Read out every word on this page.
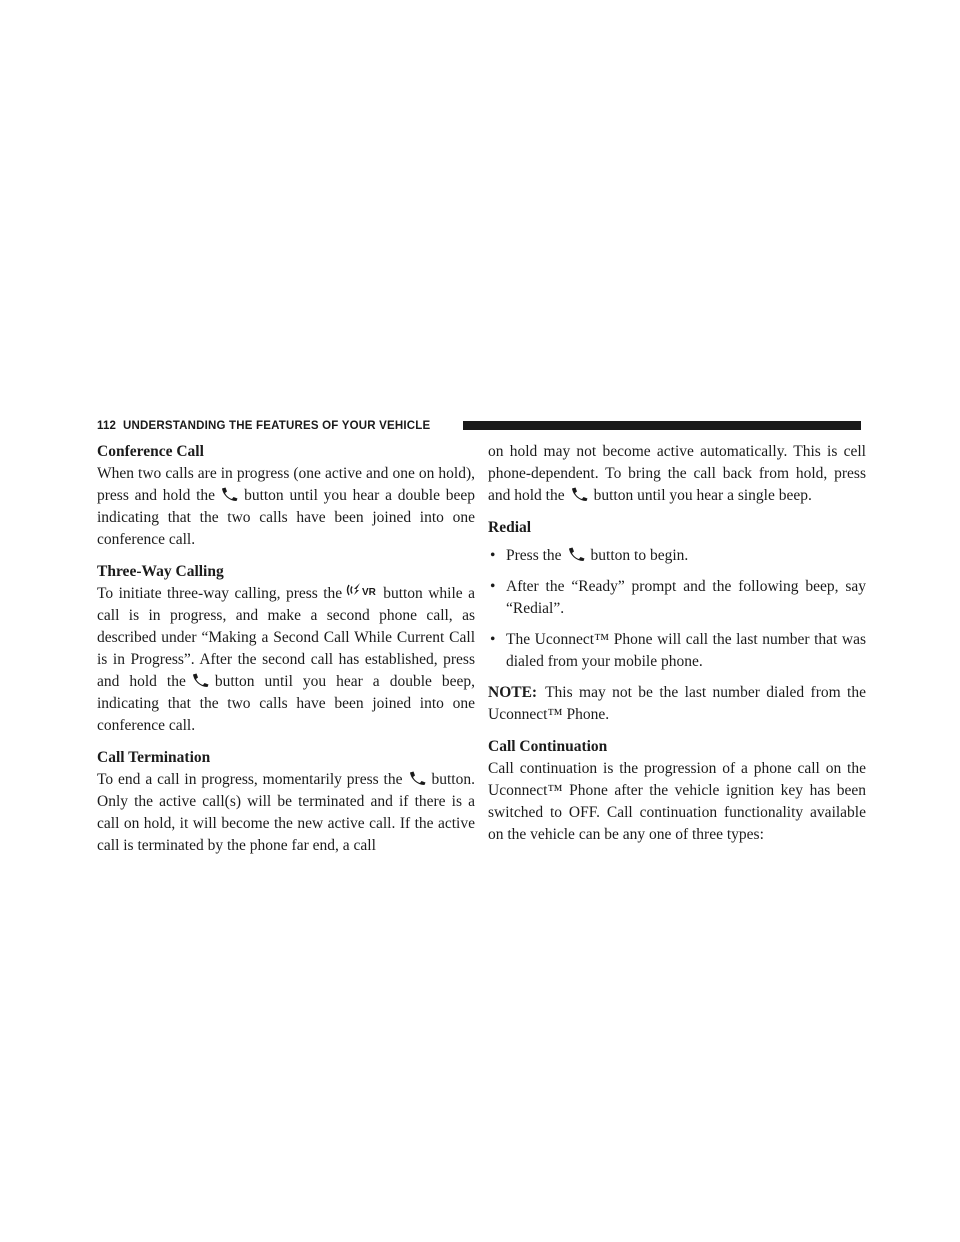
112 UNDERSTANDING THE FEATURES OF YOUR VEHICLE
Conference Call

When two calls are in progress (one active and one on hold), press and hold the button until you hear a double beep indicating that the two calls have been joined into one conference call.

Three-Way Calling

To initiate three-way calling, press the VR button while a call is in progress, and make a second phone call, as described under “Making a Second Call While Current Call is in Progress”. After the second call has established, press and hold the button until you hear a double beep, indicating that the two calls have been joined into one conference call.

Call Termination

To end a call in progress, momentarily press the button. Only the active call(s) will be terminated and if there is a call on hold, it will become the new active call. If the active call is terminated by the phone far end, a call

on hold may not become active automatically. This is cell phone-dependent. To bring the call back from hold, press and hold the button until you hear a single beep.

Redial
• Press the button to begin.
• After the “Ready” prompt and the following beep, say “Redial”.
• The Uconnect™ Phone will call the last number that was dialed from your mobile phone.

NOTE: This may not be the last number dialed from the Uconnect™ Phone.

Call Continuation

Call continuation is the progression of a phone call on the Uconnect™ Phone after the vehicle ignition key has been switched to OFF. Call continuation functionality available on the vehicle can be any one of three types:
